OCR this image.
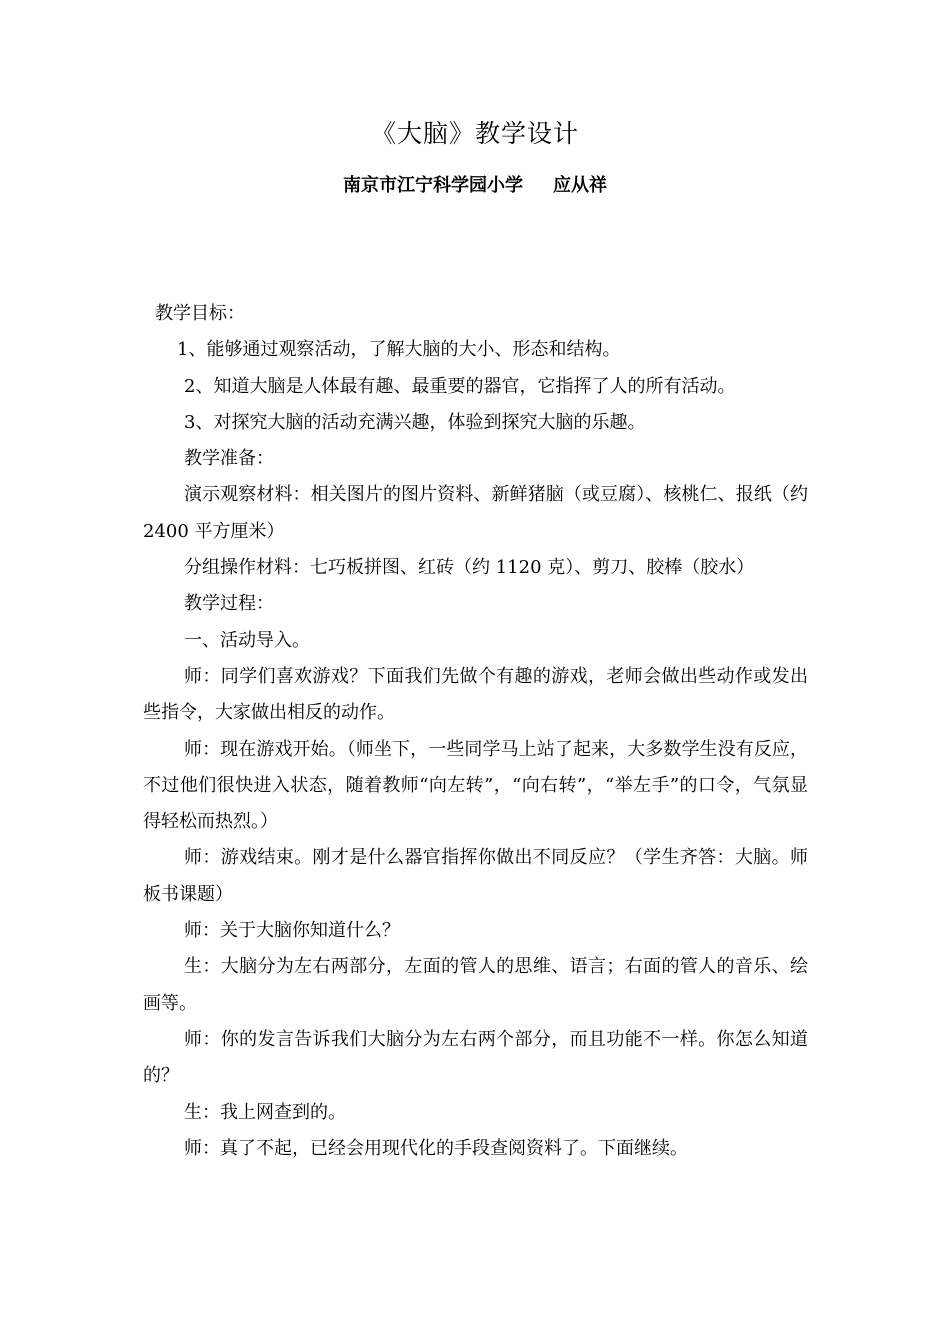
《大脑》教学设计
南京市江宁科学园小学 应从祥

教学目标：

1、能够通过观察活动，了解大脑的大小、形态和结构。

2、知道大脑是人体最有趣、最重要的器官，它指挥了人的所有活动。

3、对探究大脑的活动充满兴趣，体验到探究大脑的乐趣。

教学准备：

演示观察材料：相关图片的图片资料、新鲜猪脑（或豆腐）、核桃仁、报纸（约 2400 平方厘米）

分组操作材料：七巧板拼图、红砖（约 1120 克）、剪刀、胶棒（胶水）

教学过程：

一、活动导入。

师：同学们喜欢游戏？下面我们先做个有趣的游戏，老师会做出些动作或发出些指令，大家做出相反的动作。

师：现在游戏开始。（师坐下，一些同学马上站了起来，大多数学生没有反应，不过他们很快进入状态，随着教师“向左转”，“向右转”，“举左手”的口令，气氛显得轻松而热烈。）

师：游戏结束。刚才是什么器官指挥你做出不同反应？（学生齐答：大脑。师板书课题）

师：关于大脑你知道什么？

生：大脑分为左右两部分，左面的管人的思维、语言；右面的管人的音乐、绘画等。

师：你的发言告诉我们大脑分为左右两个部分，而且功能不一样。你怎么知道的？

生：我上网查到的。

师：真了不起，已经会用现代化的手段查阅资料了。下面继续。
